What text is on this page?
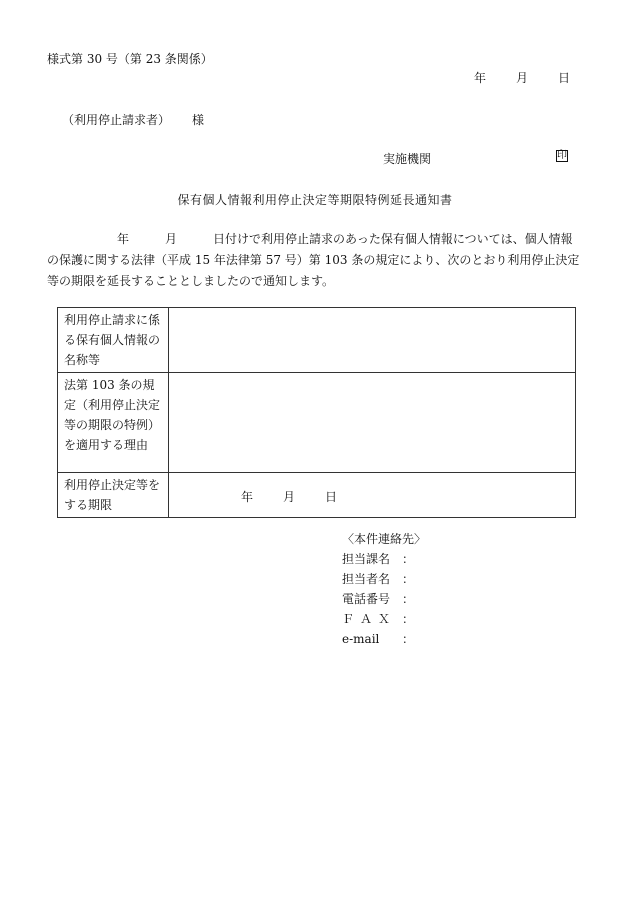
様式第 30 号（第 23 条関係）
年 月 日
（利用停止請求者） 様
実施機関	印
保有個人情報利用停止決定等期限特例延長通知書
年	月	日付けで利用停止請求のあった保有個人情報については、個人情報の保護に関する法律（平成 15 年法律第 57 号）第 103 条の規定により、次のとおり利用停止決定等の期限を延長することとしましたので通知します。
利用停止請求に係る保有個人情報の名称等	
法第 103 条の規定（利用停止決定等の期限の特例）を適用する理由	
利用停止決定等をする期限	年 月 日
〈本件連絡先〉
担当課名 ：
担当者名 ：
電話番号 ：
ＦＡＸ ：
e-mail	：
